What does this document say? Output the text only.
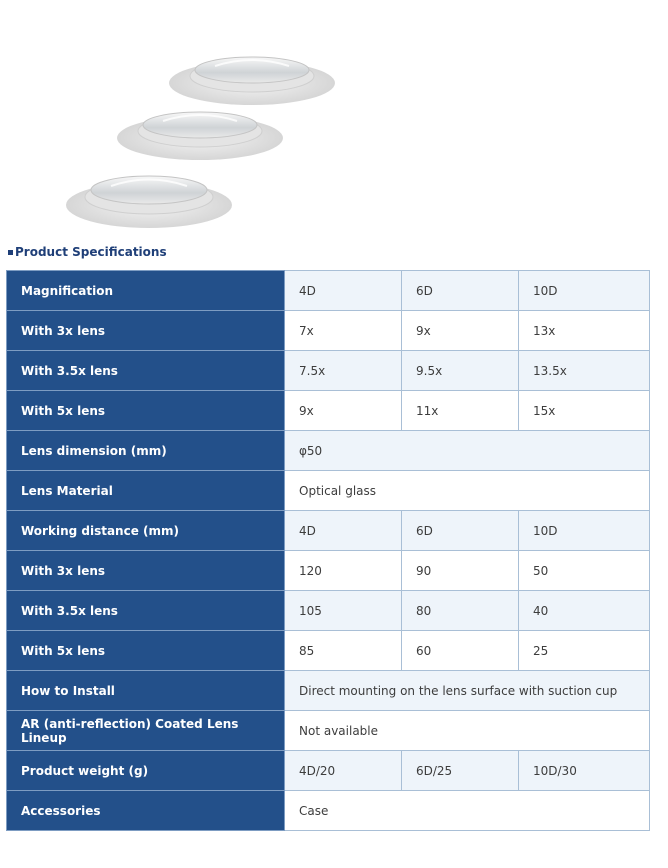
Product Specifications
Magnification	4D	6D	10D
With 3x lens	7x	9x	13x
With 3.5x lens	7.5x	9.5x	13.5x
With 5x lens	9x	11x	15x
Lens dimension (mm)	φ50		
Lens Material	Optical glass		
Working distance (mm)	4D	6D	10D
With 3x lens	120	90	50
With 3.5x lens	105	80	40
With 5x lens	85	60	25
How to Install	Direct mounting on the lens surface with suction cup		
AR (anti-reflection) Coated Lens Lineup	Not available		
Product weight (g)	4D/20	6D/25	10D/30
Accessories	Case		
